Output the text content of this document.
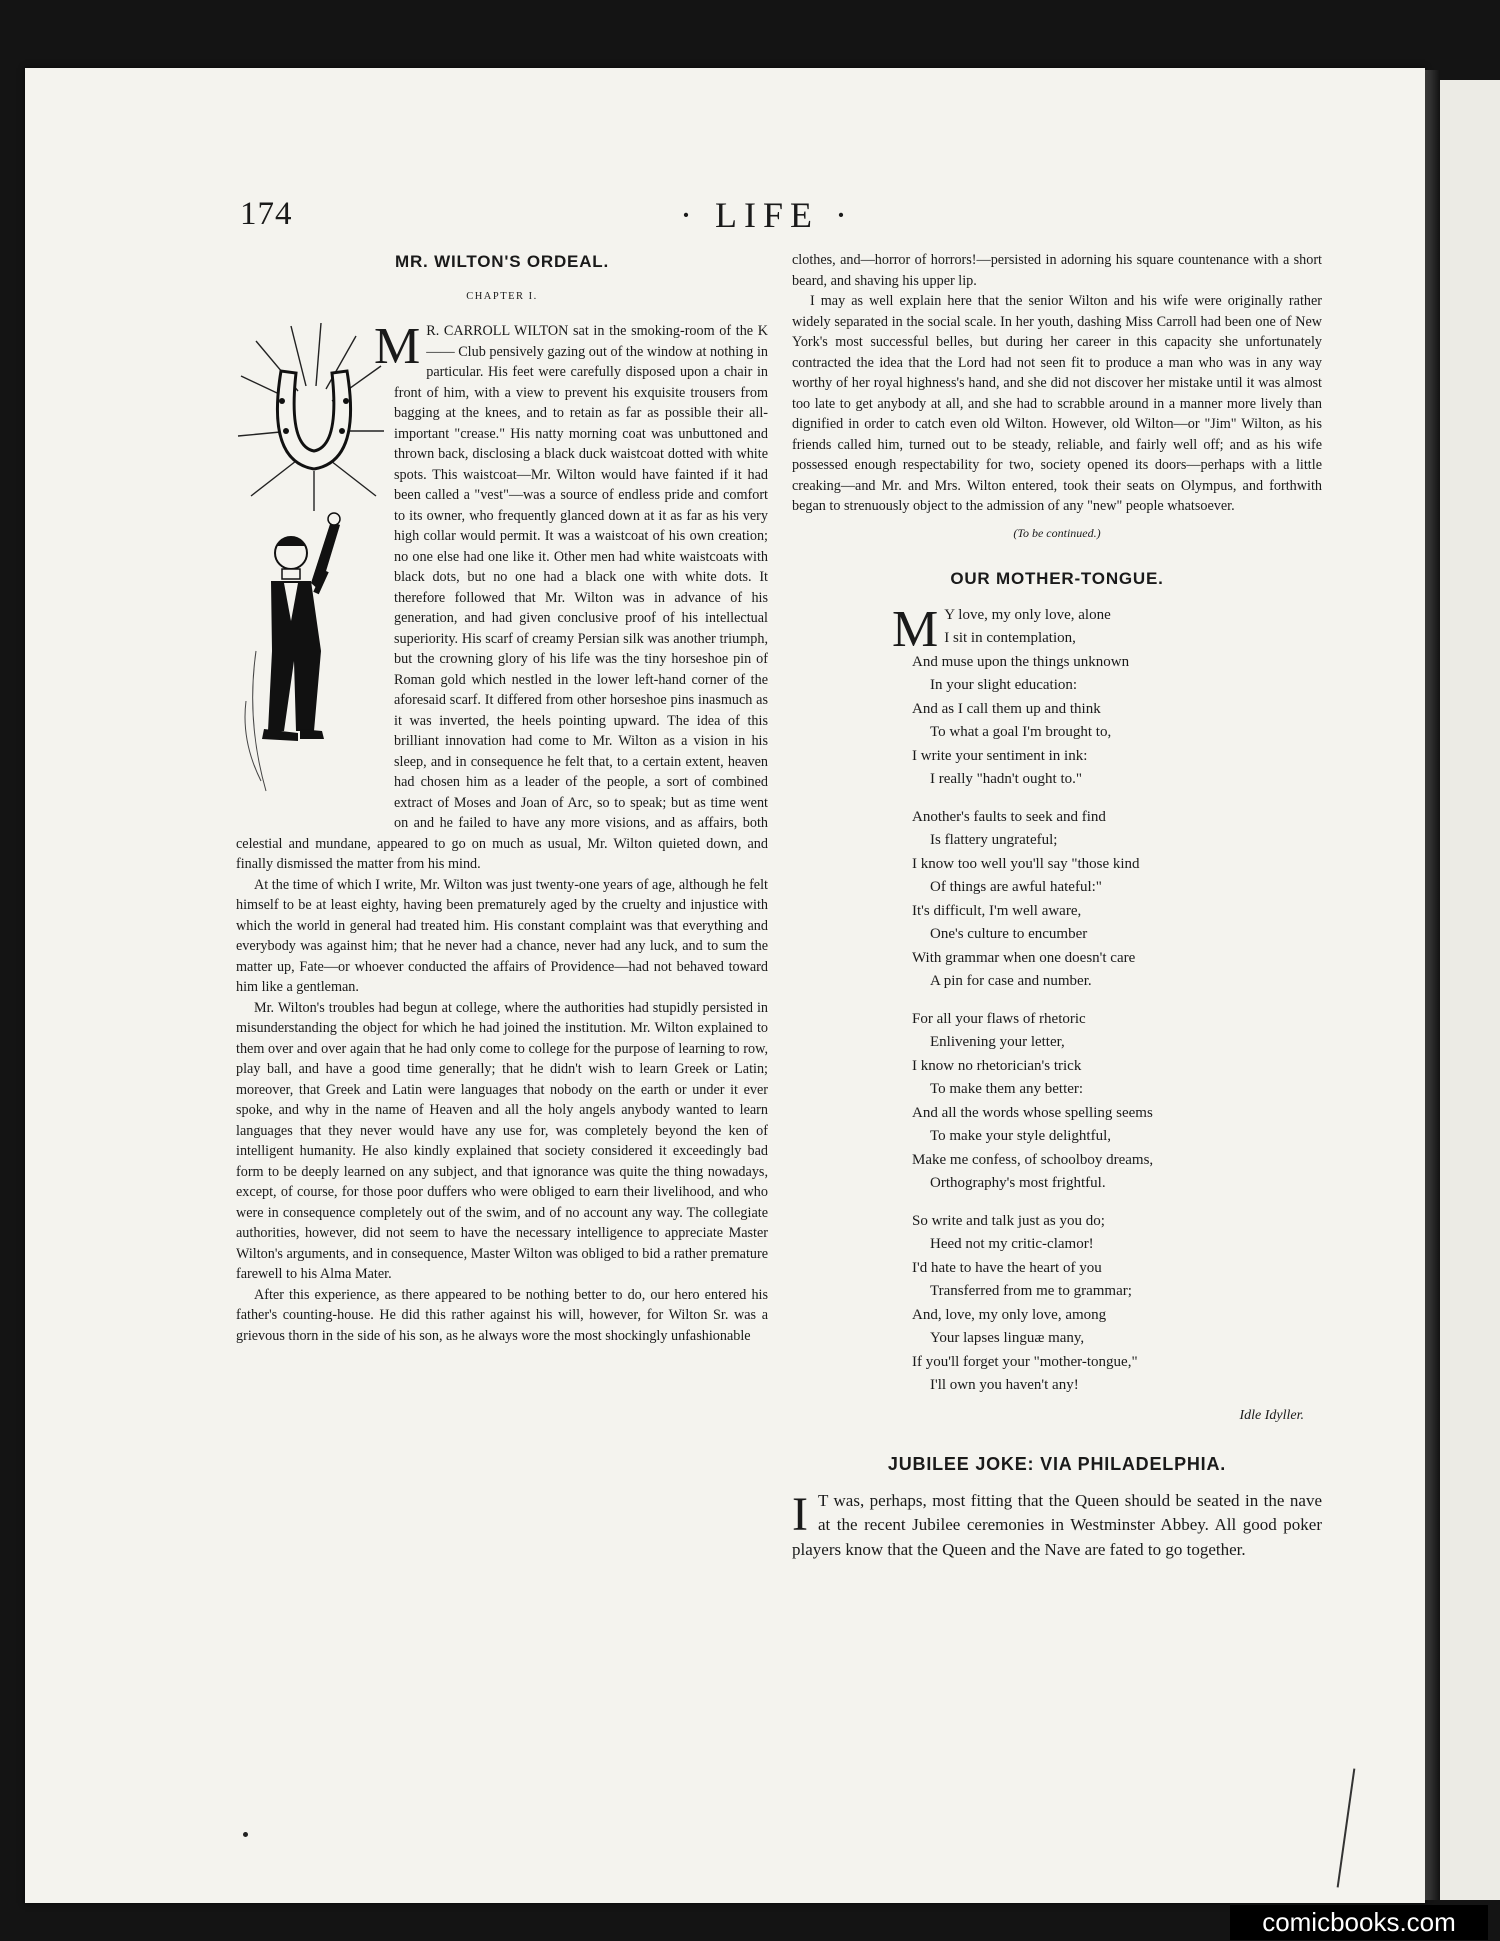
174	· LIFE ·
MR. WILTON'S ORDEAL.
CHAPTER I.

M R. CARROLL WILTON sat in the smoking-room of the K—— Club pensively gazing out of the window at nothing in particular. His feet were carefully disposed upon a chair in front of him, with a view to prevent his exquisite trousers from bagging at the knees, and to retain as far as possible their all-important "crease." His natty morning coat was unbuttoned and thrown back, disclosing a black duck waistcoat dotted with white spots. This waistcoat—Mr. Wilton would have fainted if it had been called a "vest"—was a source of endless pride and comfort to its owner, who frequently glanced down at it as far as his very high collar would permit. It was a waistcoat of his own creation; no one else had one like it. Other men had white waistcoats with black dots, but no one had a black one with white dots. It therefore followed that Mr. Wilton was in advance of his generation, and had given conclusive proof of his intellectual superiority. His scarf of creamy Persian silk was another triumph, but the crowning glory of his life was the tiny horseshoe pin of Roman gold which nestled in the lower left-hand corner of the aforesaid scarf. It differed from other horseshoe pins inasmuch as it was inverted, the heels pointing upward. The idea of this brilliant innovation had come to Mr. Wilton as a vision in his sleep, and in consequence he felt that, to a certain extent, heaven had chosen him as a leader of the people, a sort of combined extract of Moses and Joan of Arc, so to speak; but as time went on and he failed to have any more visions, and as affairs, both celestial and mundane, appeared to go on much as usual, Mr. Wilton quieted down, and finally dismissed the matter from his mind.

At the time of which I write, Mr. Wilton was just twenty-one years of age, although he felt himself to be at least eighty, having been prematurely aged by the cruelty and injustice with which the world in general had treated him. His constant complaint was that everything and everybody was against him; that he never had a chance, never had any luck, and to sum the matter up, Fate—or whoever conducted the affairs of Providence—had not behaved toward him like a gentleman.

Mr. Wilton's troubles had begun at college, where the authorities had stupidly persisted in misunderstanding the object for which he had joined the institution. Mr. Wilton explained to them over and over again that he had only come to college for the purpose of learning to row, play ball, and have a good time generally; that he didn't wish to learn Greek or Latin; moreover, that Greek and Latin were languages that nobody on the earth or under it ever spoke, and why in the name of Heaven and all the holy angels anybody wanted to learn languages that they never would have any use for, was completely beyond the ken of intelligent humanity. He also kindly explained that society considered it exceedingly bad form to be deeply learned on any subject, and that ignorance was quite the thing nowadays, except, of course, for those poor duffers who were obliged to earn their livelihood, and who were in consequence completely out of the swim, and of no account any way. The collegiate authorities, however, did not seem to have the necessary intelligence to appreciate Master Wilton's arguments, and in consequence, Master Wilton was obliged to bid a rather premature farewell to his Alma Mater.

After this experience, as there appeared to be nothing better to do, our hero entered his father's counting-house. He did this rather against his will, however, for Wilton Sr. was a grievous thorn in the side of his son, as he always wore the most shockingly unfashionable

clothes, and—horror of horrors!—persisted in adorning his square countenance with a short beard, and shaving his upper lip.

I may as well explain here that the senior Wilton and his wife were originally rather widely separated in the social scale. In her youth, dashing Miss Carroll had been one of New York's most successful belles, but during her career in this capacity she unfortunately contracted the idea that the Lord had not seen fit to produce a man who was in any way worthy of her royal highness's hand, and she did not discover her mistake until it was almost too late to get anybody at all, and she had to scrabble around in a manner more lively than dignified in order to catch even old Wilton. However, old Wilton—or "Jim" Wilton, as his friends called him, turned out to be steady, reliable, and fairly well off; and as his wife possessed enough respectability for two, society opened its doors—perhaps with a little creaking—and Mr. and Mrs. Wilton entered, took their seats on Olympus, and forthwith began to strenuously object to the admission of any "new" people whatsoever.

(To be continued.)
OUR MOTHER-TONGUE.
M Y love, my only love, alone
I sit in contemplation,
And muse upon the things unknown
In your slight education:
And as I call them up and think
To what a goal I'm brought to,
I write your sentiment in ink:
I really "hadn't ought to."
Another's faults to seek and find
Is flattery ungrateful;
I know too well you'll say "those kind
Of things are awful hateful:"
It's difficult, I'm well aware,
One's culture to encumber
With grammar when one doesn't care
A pin for case and number.
For all your flaws of rhetoric
Enlivening your letter,
I know no rhetorician's trick
To make them any better:
And all the words whose spelling seems
To make your style delightful,
Make me confess, of schoolboy dreams,
Orthography's most frightful.
So write and talk just as you do;
Heed not my critic-clamor!
I'd hate to have the heart of you
Transferred from me to grammar;
And, love, my only love, among
Your lapses linguæ many,
If you'll forget your "mother-tongue,"
I'll own you haven't any!
Idle Idyller.
JUBILEE JOKE: VIA PHILADELPHIA.
I T was, perhaps, most fitting that the Queen should be seated in the nave at the recent Jubilee ceremonies in Westminster Abbey. All good poker players know that the Queen and the Nave are fated to go together.
comicbooks.com
